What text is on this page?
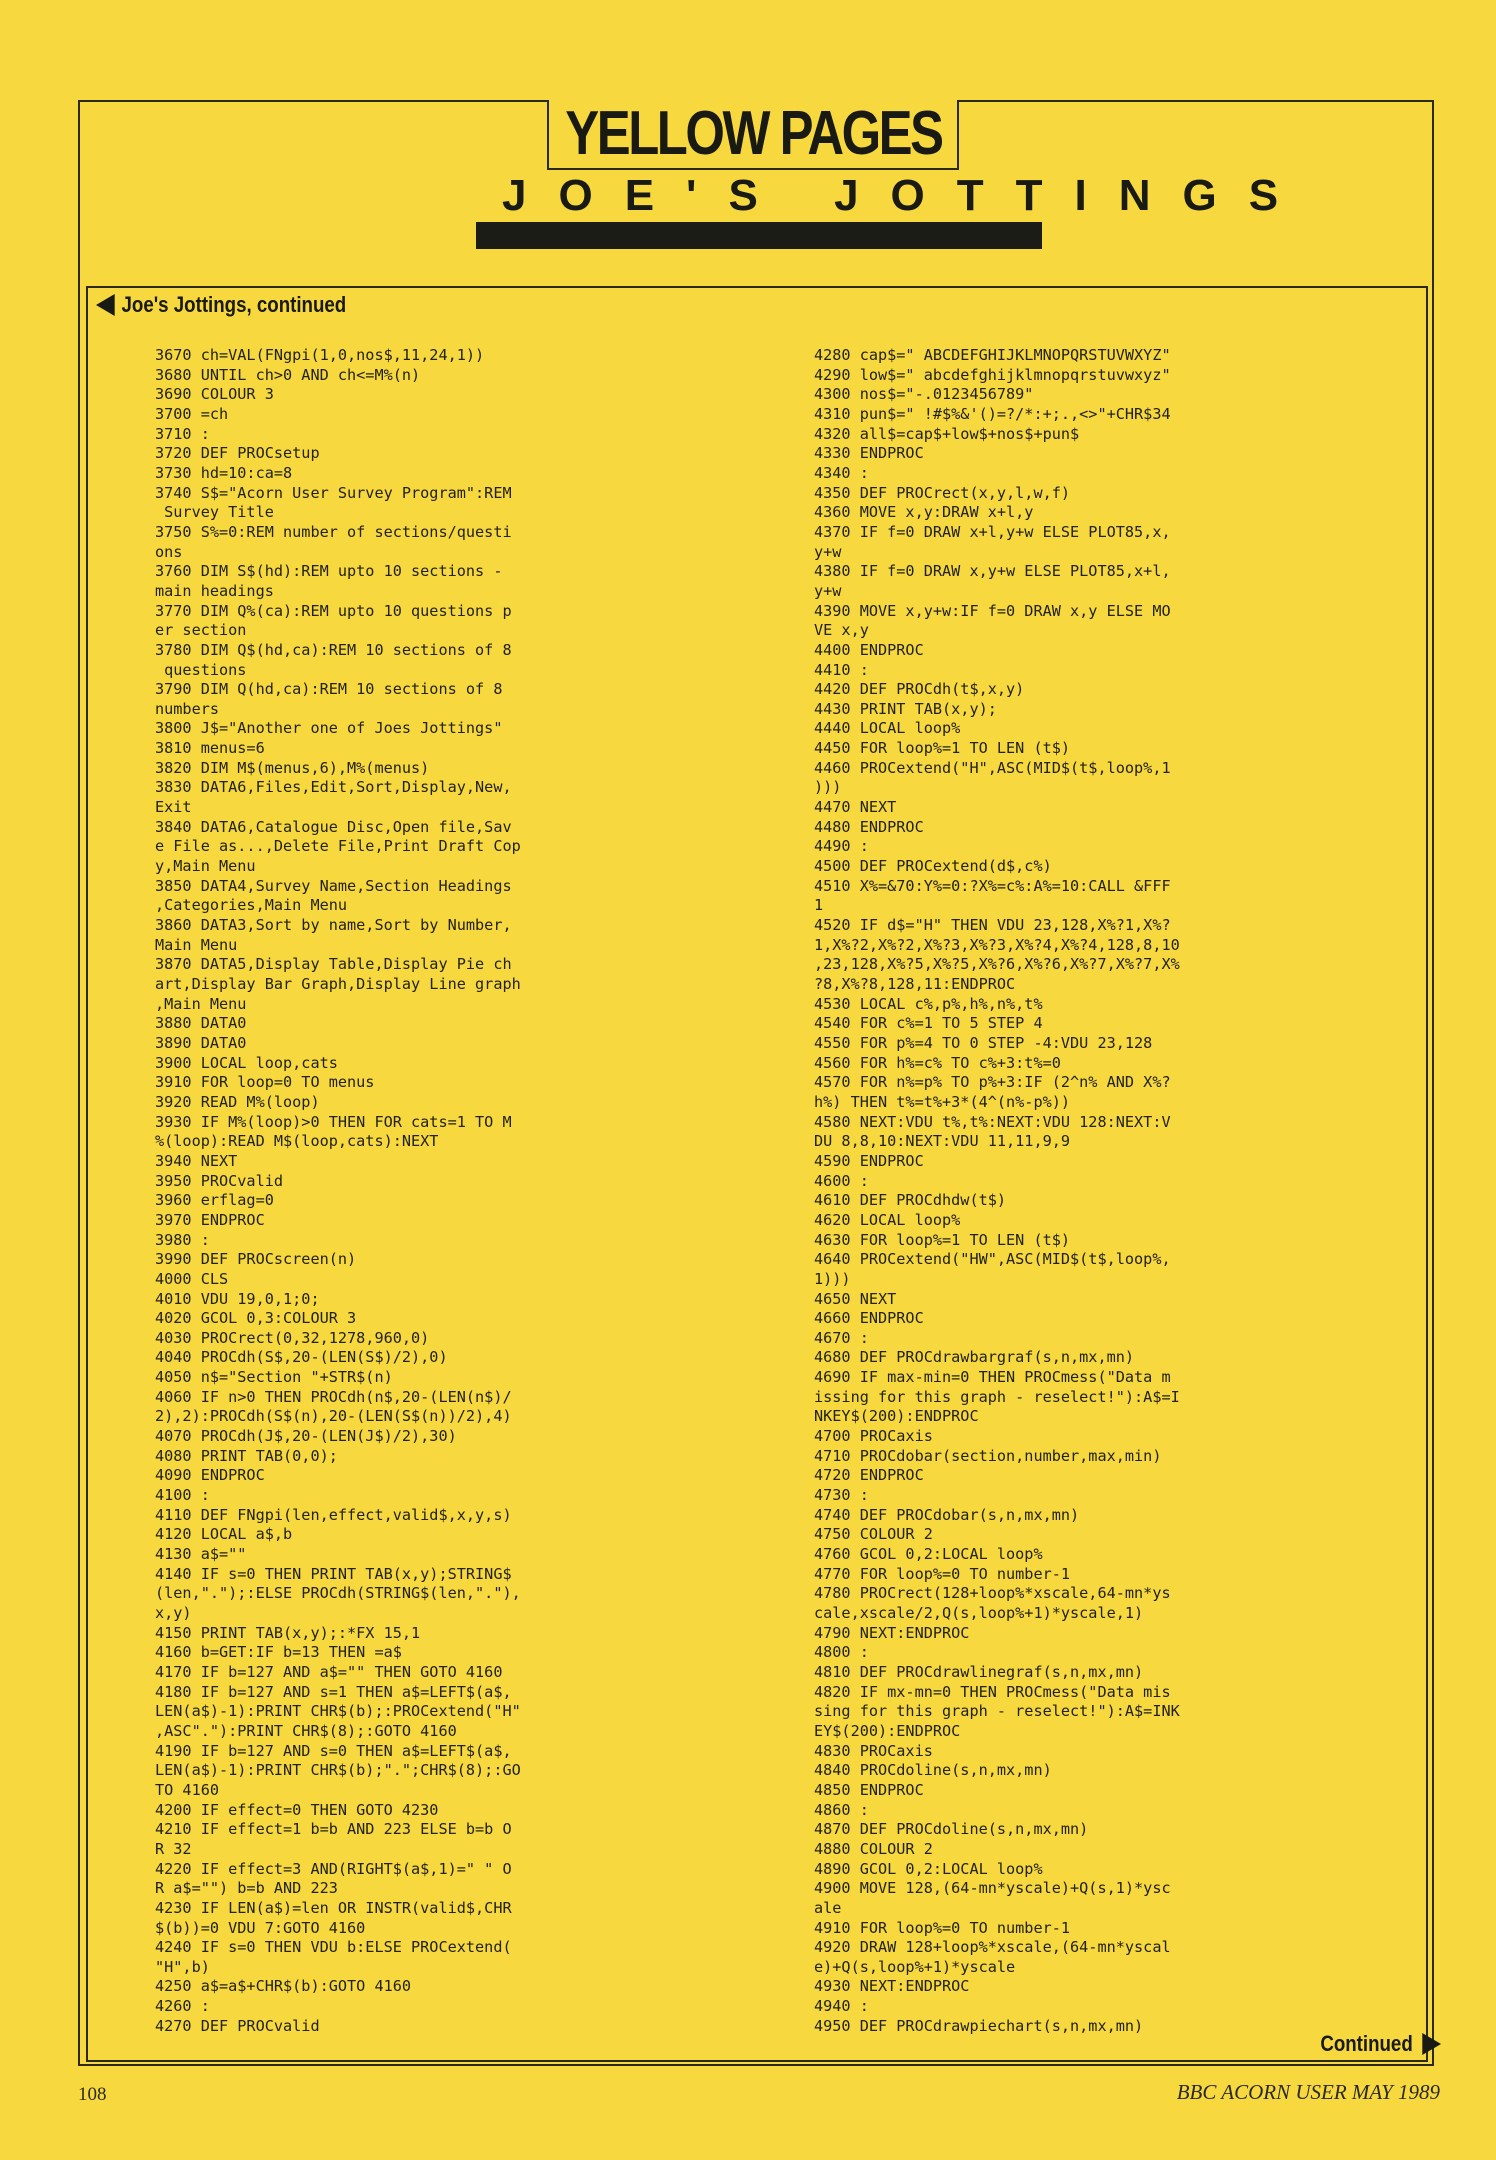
YELLOW PAGES
JOE'S JOTTINGS
Joe's Jottings, continued
3670 ch=VAL(FNgpi(1,0,nos$,11,24,1))
3680 UNTIL ch>0 AND ch<=M%(n)
3690 COLOUR 3
3700 =ch
3710 :
3720 DEF PROCsetup
3730 hd=10:ca=8
3740 S$="Acorn User Survey Program":REM
Survey Title
3750 S%=0:REM number of sections/questi
ons
3760 DIM S$(hd):REM upto 10 sections -
main headings
3770 DIM Q%(ca):REM upto 10 questions p
er section
3780 DIM Q$(hd,ca):REM 10 sections of 8
questions
3790 DIM Q(hd,ca):REM 10 sections of 8
numbers
3800 J$="Another one of Joes Jottings"
3810 menus=6
3820 DIM M$(menus,6),M%(menus)
3830 DATA6,Files,Edit,Sort,Display,New,
Exit
3840 DATA6,Catalogue Disc,Open file,Sav
e File as...,Delete File,Print Draft Cop
y,Main Menu
3850 DATA4,Survey Name,Section Headings
,Categories,Main Menu
3860 DATA3,Sort by name,Sort by Number,
Main Menu
3870 DATA5,Display Table,Display Pie ch
art,Display Bar Graph,Display Line graph
,Main Menu
3880 DATA0
3890 DATA0
3900 LOCAL loop,cats
3910 FOR loop=0 TO menus
3920 READ M%(loop)
3930 IF M%(loop)>0 THEN FOR cats=1 TO M
%(loop):READ M$(loop,cats):NEXT
3940 NEXT
3950 PROCvalid
3960 erflag=0
3970 ENDPROC
3980 :
3990 DEF PROCscreen(n)
4000 CLS
4010 VDU 19,0,1;0;
4020 GCOL 0,3:COLOUR 3
4030 PROCrect(0,32,1278,960,0)
4040 PROCdh(S$,20-(LEN(S$)/2),0)
4050 n$="Section "+STR$(n)
4060 IF n>0 THEN PROCdh(n$,20-(LEN(n$)/
2),2):PROCdh(S$(n),20-(LEN(S$(n))/2),4)
4070 PROCdh(J$,20-(LEN(J$)/2),30)
4080 PRINT TAB(0,0);
4090 ENDPROC
4100 :
4110 DEF FNgpi(len,effect,valid$,x,y,s)
4120 LOCAL a$,b
4130 a$=""
4140 IF s=0 THEN PRINT TAB(x,y);STRING$
(len,".");:ELSE PROCdh(STRING$(len,"."),
x,y)
4150 PRINT TAB(x,y);:*FX 15,1
4160 b=GET:IF b=13 THEN =a$
4170 IF b=127 AND a$="" THEN GOTO 4160
4180 IF b=127 AND s=1 THEN a$=LEFT$(a$,
LEN(a$)-1):PRINT CHR$(b);:PROCextend("H"
,ASC"."):PRINT CHR$(8);:GOTO 4160
4190 IF b=127 AND s=0 THEN a$=LEFT$(a$,
LEN(a$)-1):PRINT CHR$(b);".";CHR$(8);:GO
TO 4160
4200 IF effect=0 THEN GOTO 4230
4210 IF effect=1 b=b AND 223 ELSE b=b O
R 32
4220 IF effect=3 AND(RIGHT$(a$,1)=" " O
R a$="") b=b AND 223
4230 IF LEN(a$)=len OR INSTR(valid$,CHR
$(b))=0 VDU 7:GOTO 4160
4240 IF s=0 THEN VDU b:ELSE PROCextend(
"H",b)
4250 a$=a$+CHR$(b):GOTO 4160
4260 :
4270 DEF PROCvalid
4280 cap$=" ABCDEFGHIJKLMNOPQRSTUVWXYZ"
4290 low$=" abcdefghijklmnopqrstuvwxyz"
4300 nos$="-.0123456789"
4310 pun$=" !#$%&'()=?/*:+;.,<>"+CHR$34
4320 all$=cap$+low$+nos$+pun$
4330 ENDPROC
4340 :
4350 DEF PROCrect(x,y,l,w,f)
4360 MOVE x,y:DRAW x+l,y
4370 IF f=0 DRAW x+l,y+w ELSE PLOT85,x,
y+w
4380 IF f=0 DRAW x,y+w ELSE PLOT85,x+l,
y+w
4390 MOVE x,y+w:IF f=0 DRAW x,y ELSE MO
VE x,y
4400 ENDPROC
4410 :
4420 DEF PROCdh(t$,x,y)
4430 PRINT TAB(x,y);
4440 LOCAL loop%
4450 FOR loop%=1 TO LEN (t$)
4460 PROCextend("H",ASC(MID$(t$,loop%,1
)))
4470 NEXT
4480 ENDPROC
4490 :
4500 DEF PROCextend(d$,c%)
4510 X%=&70:Y%=0:?X%=c%:A%=10:CALL &FFF
1
4520 IF d$="H" THEN VDU 23,128,X%?1,X%?
1,X%?2,X%?2,X%?3,X%?3,X%?4,X%?4,128,8,10
,23,128,X%?5,X%?5,X%?6,X%?6,X%?7,X%?7,X%
?8,X%?8,128,11:ENDPROC
4530 LOCAL c%,p%,h%,n%,t%
4540 FOR c%=1 TO 5 STEP 4
4550 FOR p%=4 TO 0 STEP -4:VDU 23,128
4560 FOR h%=c% TO c%+3:t%=0
4570 FOR n%=p% TO p%+3:IF (2^n% AND X%?
h%) THEN t%=t%+3*(4^(n%-p%))
4580 NEXT:VDU t%,t%:NEXT:VDU 128:NEXT:V
DU 8,8,10:NEXT:VDU 11,11,9,9
4590 ENDPROC
4600 :
4610 DEF PROCdhdw(t$)
4620 LOCAL loop%
4630 FOR loop%=1 TO LEN (t$)
4640 PROCextend("HW",ASC(MID$(t$,loop%,
1)))
4650 NEXT
4660 ENDPROC
4670 :
4680 DEF PROCdrawbargraf(s,n,mx,mn)
4690 IF max-min=0 THEN PROCmess("Data m
issing for this graph - reselect!"):A$=I
NKEY$(200):ENDPROC
4700 PROCaxis
4710 PROCdobar(section,number,max,min)
4720 ENDPROC
4730 :
4740 DEF PROCdobar(s,n,mx,mn)
4750 COLOUR 2
4760 GCOL 0,2:LOCAL loop%
4770 FOR loop%=0 TO number-1
4780 PROCrect(128+loop%*xscale,64-mn*ys
cale,xscale/2,Q(s,loop%+1)*yscale,1)
4790 NEXT:ENDPROC
4800 :
4810 DEF PROCdrawlinegraf(s,n,mx,mn)
4820 IF mx-mn=0 THEN PROCmess("Data mis
sing for this graph - reselect!"):A$=INK
EY$(200):ENDPROC
4830 PROCaxis
4840 PROCdoline(s,n,mx,mn)
4850 ENDPROC
4860 :
4870 DEF PROCdoline(s,n,mx,mn)
4880 COLOUR 2
4890 GCOL 0,2:LOCAL loop%
4900 MOVE 128,(64-mn*yscale)+Q(s,1)*ysc
ale
4910 FOR loop%=0 TO number-1
4920 DRAW 128+loop%*xscale,(64-mn*yscal
e)+Q(s,loop%+1)*yscale
4930 NEXT:ENDPROC
4940 :
4950 DEF PROCdrawpiechart(s,n,mx,mn)
Continued
108	BBC ACORN USER MAY 1989
